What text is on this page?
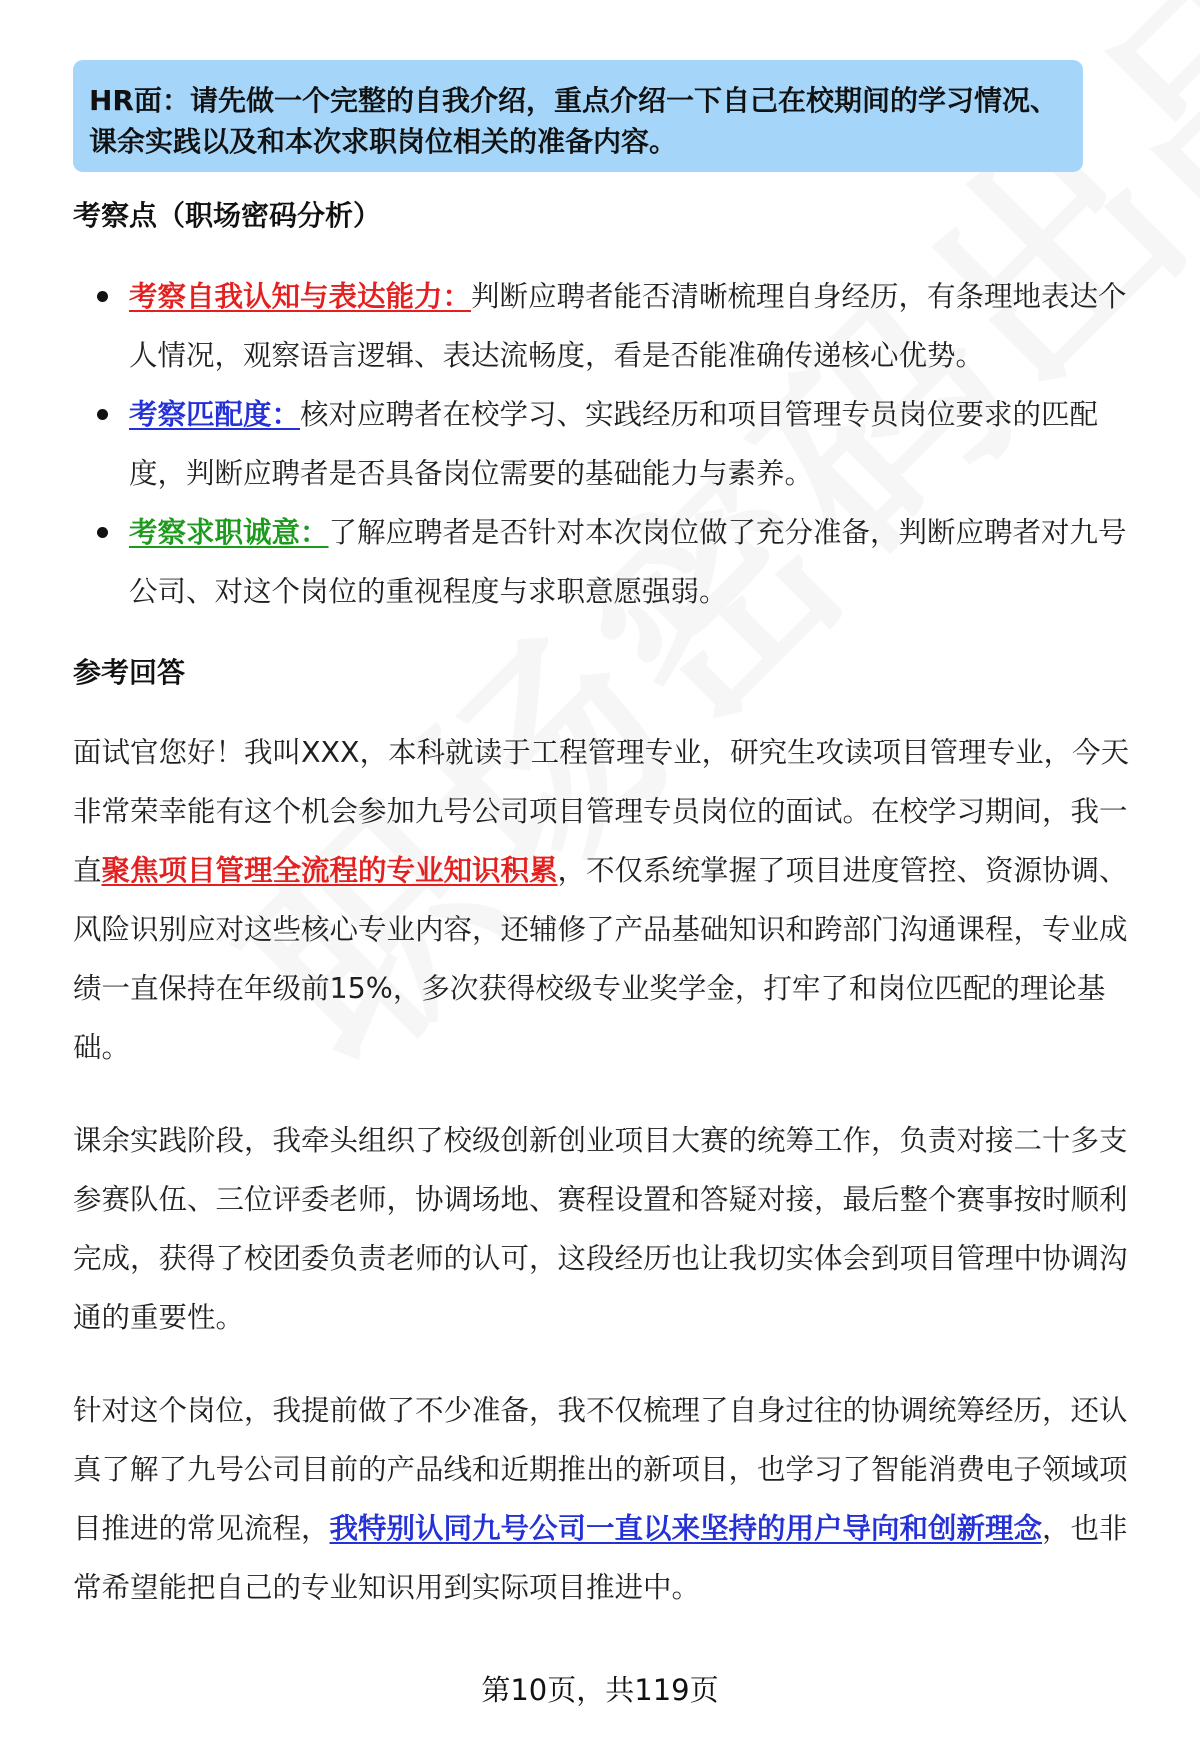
HR面：请先做一个完整的自我介绍，重点介绍一下自己在校期间的学习情况、课余实践以及和本次求职岗位相关的准备内容。
考察点（职场密码分析）
考察自我认知与表达能力：判断应聘者能否清晰梳理自身经历，有条理地表达个人情况，观察语言逻辑、表达流畅度，看是否能准确传递核心优势。
考察匹配度：核对应聘者在校学习、实践经历和项目管理专员岗位要求的匹配度，判断应聘者是否具备岗位需要的基础能力与素养。
考察求职诚意：了解应聘者是否针对本次岗位做了充分准备，判断应聘者对九号公司、对这个岗位的重视程度与求职意愿强弱。
参考回答

面试官您好！我叫XXX，本科就读于工程管理专业，研究生攻读项目管理专业，今天非常荣幸能有这个机会参加九号公司项目管理专员岗位的面试。在校学习期间，我一直聚焦项目管理全流程的专业知识积累，不仅系统掌握了项目进度管控、资源协调、风险识别应对这些核心专业内容，还辅修了产品基础知识和跨部门沟通课程，专业成绩一直保持在年级前15%，多次获得校级专业奖学金，打牢了和岗位匹配的理论基础。

课余实践阶段，我牵头组织了校级创新创业项目大赛的统筹工作，负责对接二十多支参赛队伍、三位评委老师，协调场地、赛程设置和答疑对接，最后整个赛事按时顺利完成，获得了校团委负责老师的认可，这段经历也让我切实体会到项目管理中协调沟通的重要性。

针对这个岗位，我提前做了不少准备，我不仅梳理了自身过往的协调统筹经历，还认真了解了九号公司目前的产品线和近期推出的新项目，也学习了智能消费电子领域项目推进的常见流程，我特别认同九号公司一直以来坚持的用户导向和创新理念，也非常希望能把自己的专业知识用到实际项目推进中。

第10页，共119页
